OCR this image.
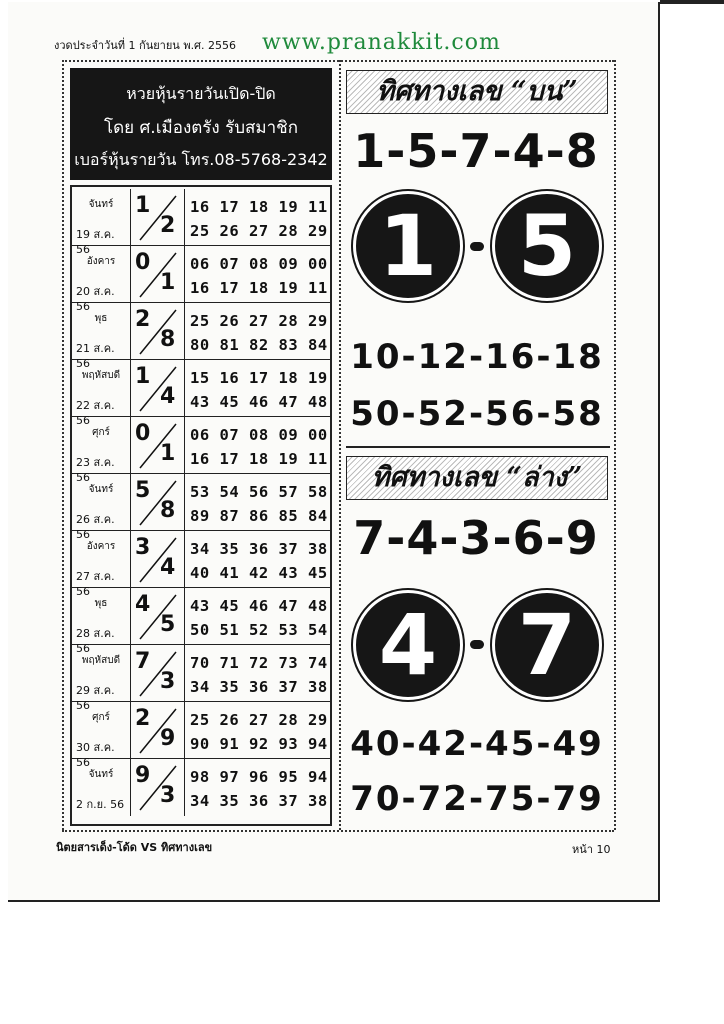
งวดประจำวันที่ 1 กันยายน พ.ศ. 2556 www.pranakkit.com
หวยหุ้นรายวันเปิด-ปิด
โดย ศ.เมืองตรัง รับสมาชิก
เบอร์หุ้นรายวัน โทร.08-5768-2342
จันทร์
19 ส.ค. 56
1
2
16 17 18 19 11
25 26 27 28 29
อังคาร
20 ส.ค. 56
0
1
06 07 08 09 00
16 17 18 19 11
พุธ
21 ส.ค. 56
2
8
25 26 27 28 29
80 81 82 83 84
พฤหัสบดี
22 ส.ค. 56
1
4
15 16 17 18 19
43 45 46 47 48
ศุกร์
23 ส.ค. 56
0
1
06 07 08 09 00
16 17 18 19 11
จันทร์
26 ส.ค. 56
5
8
53 54 56 57 58
89 87 86 85 84
อังคาร
27 ส.ค. 56
3
4
34 35 36 37 38
40 41 42 43 45
พุธ
28 ส.ค. 56
4
5
43 45 46 47 48
50 51 52 53 54
พฤหัสบดี
29 ส.ค. 56
7
3
70 71 72 73 74
34 35 36 37 38
ศุกร์
30 ส.ค. 56
2
9
25 26 27 28 29
90 91 92 93 94
จันทร์
2 ก.ย. 56
9
3
98 97 96 95 94
34 35 36 37 38
ทิศทางเลข “บน”
1-5-7-4-8
1 5
10-12-16-18
50-52-56-58
ทิศทางเลข “ล่าง”
7-4-3-6-9
4 7
40-42-45-49
70-72-75-79
นิตยสารเด็ง-โด้ด VS ทิศทางเลข	หน้า 10
